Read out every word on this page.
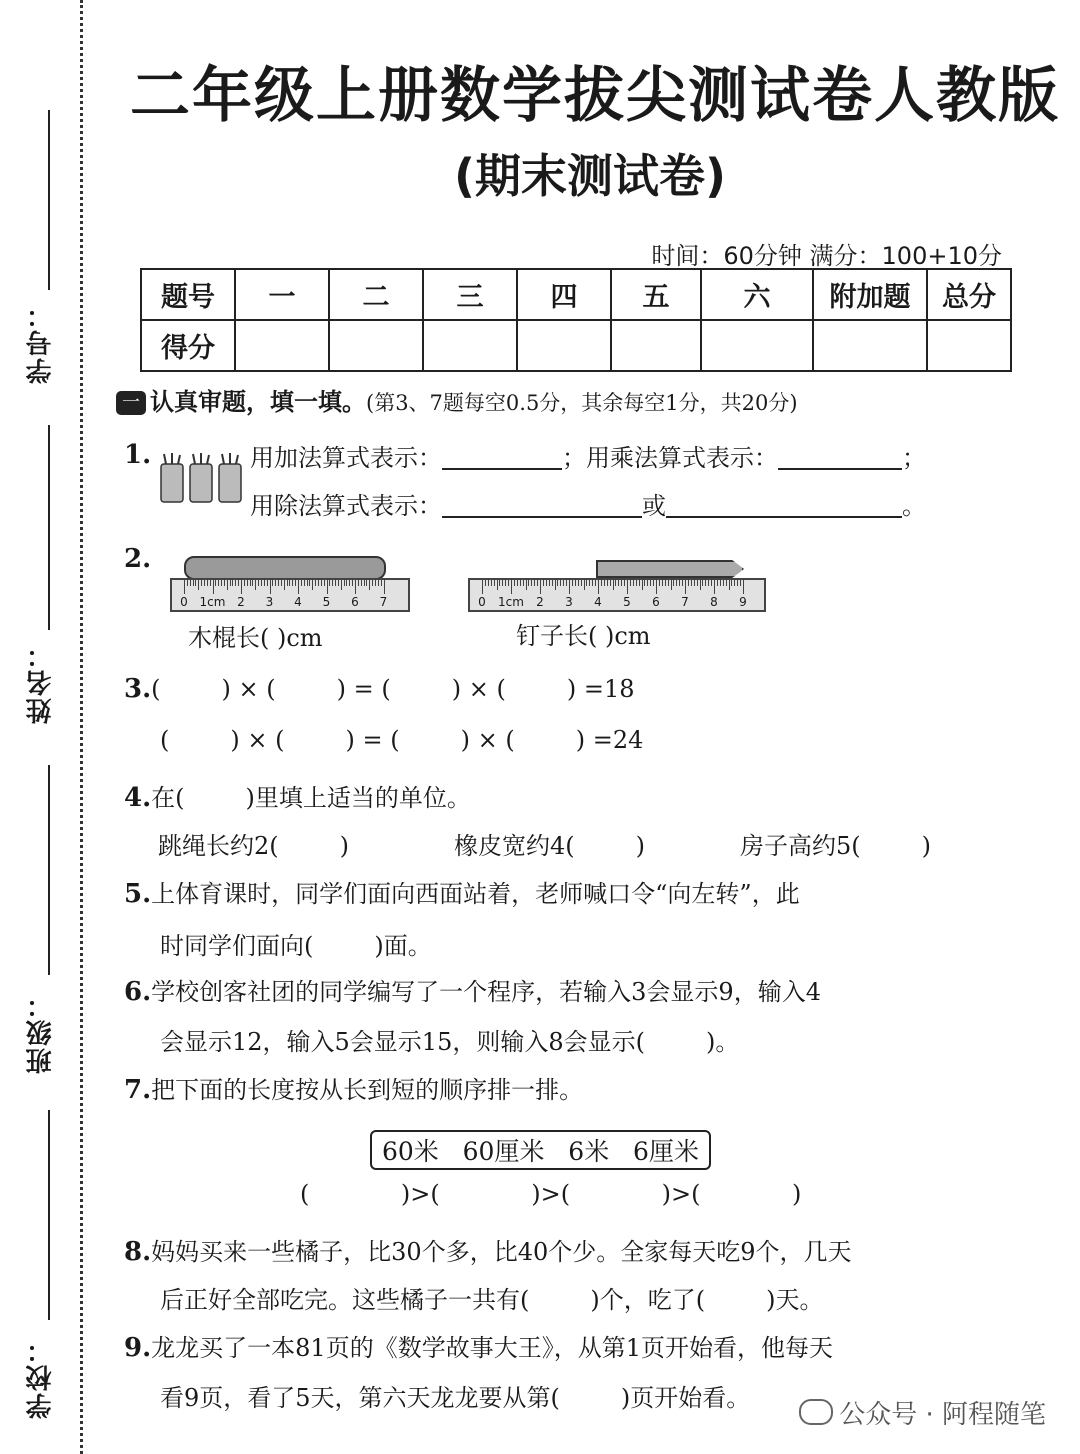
学号：
姓名：
班级：
学校：
二年级上册数学拔尖测试卷人教版
(期末测试卷)
时间：60分钟 满分：100+10分
题号	一	二	三	四	五	六	附加题	总分
得分								
一 认真审题，填一填。(第3、7题每空0.5分，其余每空1分，共20分)
1.	用加法算式表示：	；用乘法算式表示：	；
用除法算式表示：	或	。
2.
0 1cm 2 3 4 5 6 7	0 1cm 2 3 4 5 6 7 8 9
木棍长( )cm	钉子长( )cm
3.(        ) × (        ) = (        ) × (        ) =18
(        ) × (        ) = (        ) × (        ) =24
4.在(        )里填上适当的单位。
跳绳长约2(        )	橡皮宽约4(        )	房子高约5(        )
5.上体育课时，同学们面向西面站着，老师喊口令“向左转”，此
时同学们面向(        )面。
6.学校创客社团的同学编写了一个程序，若输入3会显示9，输入4
会显示12，输入5会显示15，则输入8会显示(        )。
7.把下面的长度按从长到短的顺序排一排。
60米   60厘米   6米   6厘米
(            )>(            )>(            )>(            )
8.妈妈买来一些橘子，比30个多，比40个少。全家每天吃9个，几天
后正好全部吃完。这些橘子一共有(        )个，吃了(        )天。
9.龙龙买了一本81页的《数学故事大王》，从第1页开始看，他每天
看9页，看了5天，第六天龙龙要从第(        )页开始看。
公众号 · 阿程随笔
